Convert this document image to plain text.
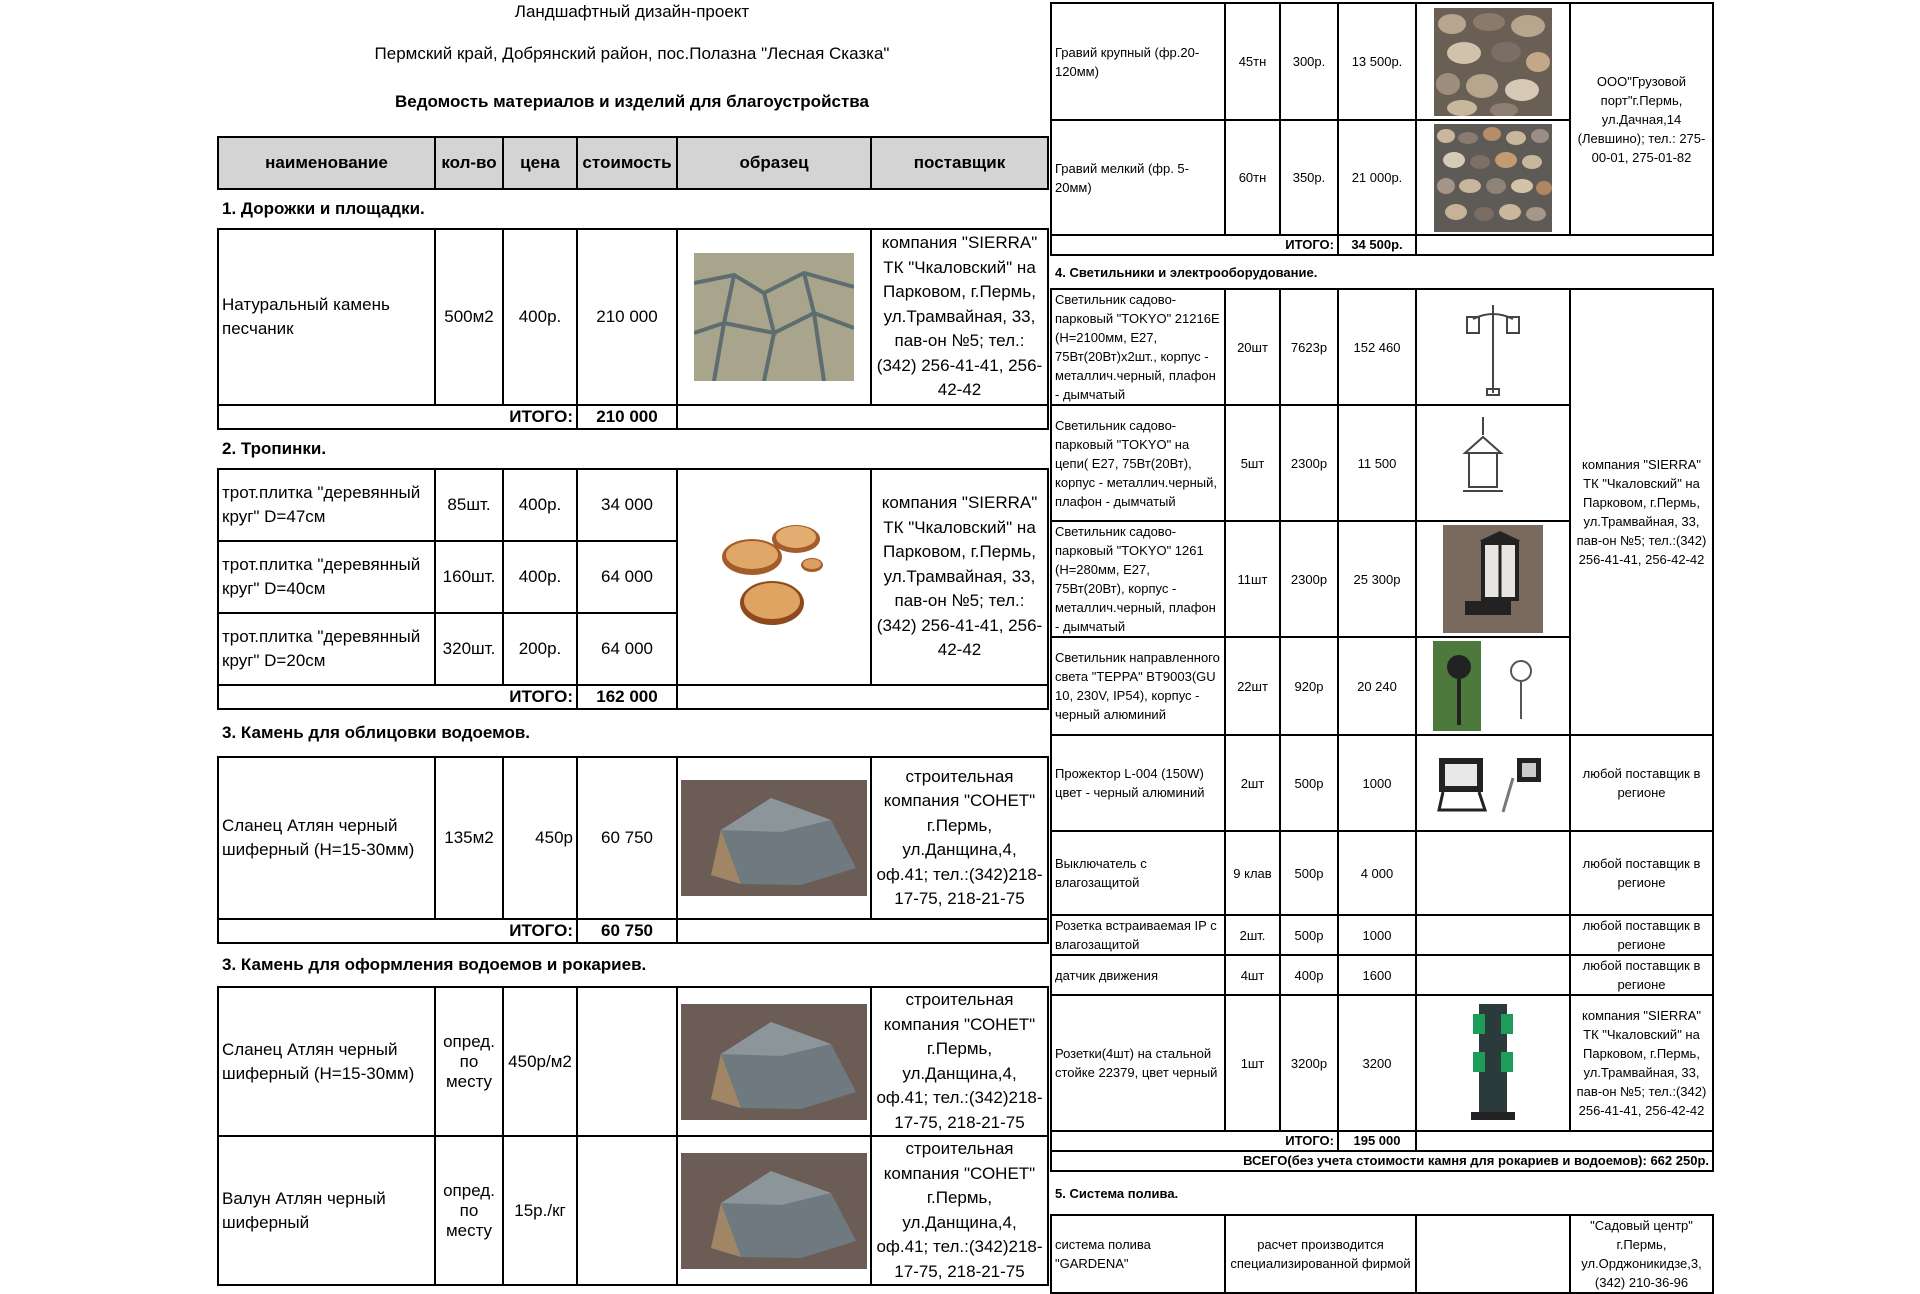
Ландшафтный дизайн-проект
Пермский край, Добрянский район, пос.Полазна "Лесная Сказка"
Ведомость материалов и изделий для благоустройства
наименование	кол-во	цена	стоимость	образец	поставщик
1. Дорожки и площадки.					
Натуральный камень песчаник	500м2	400р.	210 000		компания "SIERRA" ТК "Чкаловский" на Парковом, г.Пермь, ул.Трамвайная, 33, пав-он №5; тел.:(342) 256-41-41, 256-42-42
ИТОГО:			210 000		
2. Тропинки.					
трот.плитка "деревянный круг" D=47см	85шт.	400р.	34 000		компания "SIERRA" ТК "Чкаловский" на Парковом, г.Пермь, ул.Трамвайная, 33, пав-он №5; тел.:(342) 256-41-41, 256-42-42
трот.плитка "деревянный круг" D=40см	160шт.	400р.	64 000		
трот.плитка "деревянный круг" D=20см	320шт.	200р.	64 000		
ИТОГО:			162 000		
3. Камень для облицовки водоемов.					
Сланец Атлян черный шиферный (Н=15-30мм)	135м2	450р	60 750		строительная компания "СОНЕТ" г.Пермь, ул.Данщина,4, оф.41; тел.:(342)218-17-75, 218-21-75
ИТОГО:			60 750		
3. Камень для оформления водоемов и рокариев.					
Сланец Атлян черный шиферный (Н=15-30мм)	опред. по месту	450р/м2			строительная компания "СОНЕТ" г.Пермь, ул.Данщина,4, оф.41; тел.:(342)218-17-75, 218-21-75
Валун Атлян черный шиферный	опред. по месту	15р./кг			строительная компания "СОНЕТ" г.Пермь, ул.Данщина,4, оф.41; тел.:(342)218-17-75, 218-21-75
Гравий крупный (фр.20-120мм)	45тн	300р.	13 500р.		ООО"Грузовой порт"г.Пермь, ул.Дачная,14 (Левшино); тел.: 275-00-01, 275-01-82
Гравий мелкий (фр. 5-20мм)	60тн	350р.	21 000р.	

ИТОГО:			34 500р.		
4. Светильники и электрооборудование.					
Светильник садово-парковый "TOKYO" 21216E (Н=2100мм, E27, 75Вт(20Вт)х2шт., корпус - металлич.черный, плафон - дымчатый	20шт	7623р	152 460		компания "SIERRA" ТК "Чкаловский" на Парковом, г.Пермь, ул.Трамвайная, 33, пав-он №5; тел.:(342) 256-41-41, 256-42-42
Светильник садово-парковый "TOKYO" на цепи( E27, 75Вт(20Вт), корпус - металлич.черный, плафон - дымчатый	5шт	2300р	11 500	

Светильник садово-парковый "TOKYO" 1261 (Н=280мм, E27, 75Вт(20Вт), корпус - металлич.черный, плафон - дымчатый	11шт	2300р	25 300р	

Светильник направленного света "ТЕРРА" BT9003(GU 10, 230V, IP54), корпус - черный алюминий	22шт	920р	20 240	

Прожектор L-004 (150W) цвет - черный алюминий	2шт	500р	1000		любой поставщик в регионе
Выключатель с влагозащитой	9 клав	500р	4 000		любой поставщик в регионе
Розетка встраиваемая IP с влагозащитой	2шт.	500р	1000		любой поставщик в регионе
датчик движения	4шт	400р	1600		любой поставщик в регионе
Розетки(4шт) на стальной стойке 22379, цвет черный	1шт	3200р	3200		компания "SIERRA" ТК "Чкаловский" на Парковом, г.Пермь, ул.Трамвайная, 33, пав-он №5; тел.:(342) 256-41-41, 256-42-42
ИТОГО:			195 000		
ВСЕГО(без учета стоимости камня для рокариев и водоемов): 662 250р.					
5. Система полива.					
система полива "GARDENA"	расчет производится специализированной фирмой				"Садовый центр" г.Пермь, ул.Орджоникидзе,3, (342) 210-36-96
